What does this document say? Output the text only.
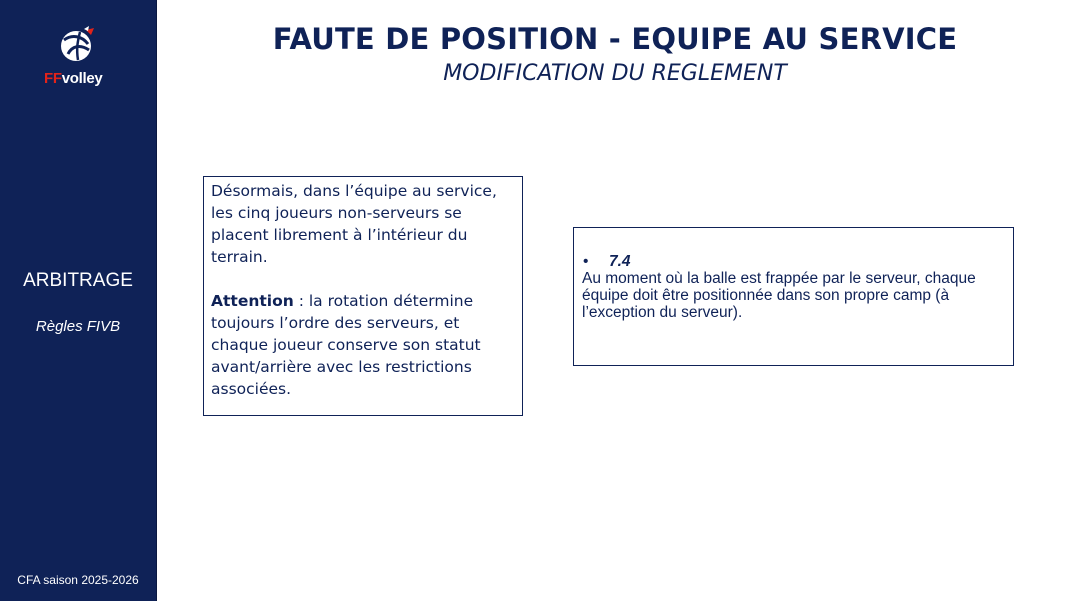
FFvolley
ARBITRAGE
Règles FIVB
CFA saison 2025-2026
FAUTE DE POSITION - EQUIPE AU SERVICE
MODIFICATION DU REGLEMENT

Désormais, dans l’équipe au service, les cinq joueurs non-serveurs se placent librement à l’intérieur du terrain.

Attention : la rotation détermine toujours l’ordre des serveurs, et chaque joueur conserve son statut avant/arrière avec les restrictions associées.

• 7.4
Au moment où la balle est frappée par le serveur, chaque équipe doit être positionnée dans son propre camp (à l’exception du serveur).
